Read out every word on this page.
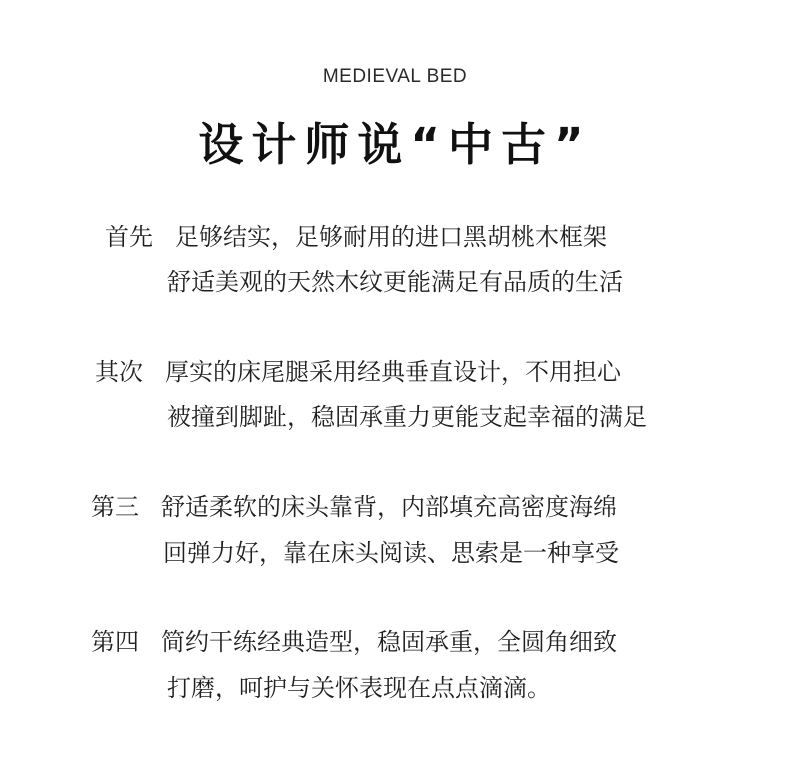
MEDIEVAL BED
设计师说“中古”
首先 足够结实，足够耐用的进口黑胡桃木框架
舒适美观的天然木纹更能满足有品质的生活
其次 厚实的床尾腿采用经典垂直设计，不用担心
被撞到脚趾，稳固承重力更能支起幸福的满足
第三 舒适柔软的床头靠背，内部填充高密度海绵
回弹力好，靠在床头阅读、思索是一种享受
第四 简约干练经典造型，稳固承重，全圆角细致
打磨，呵护与关怀表现在点点滴滴。
